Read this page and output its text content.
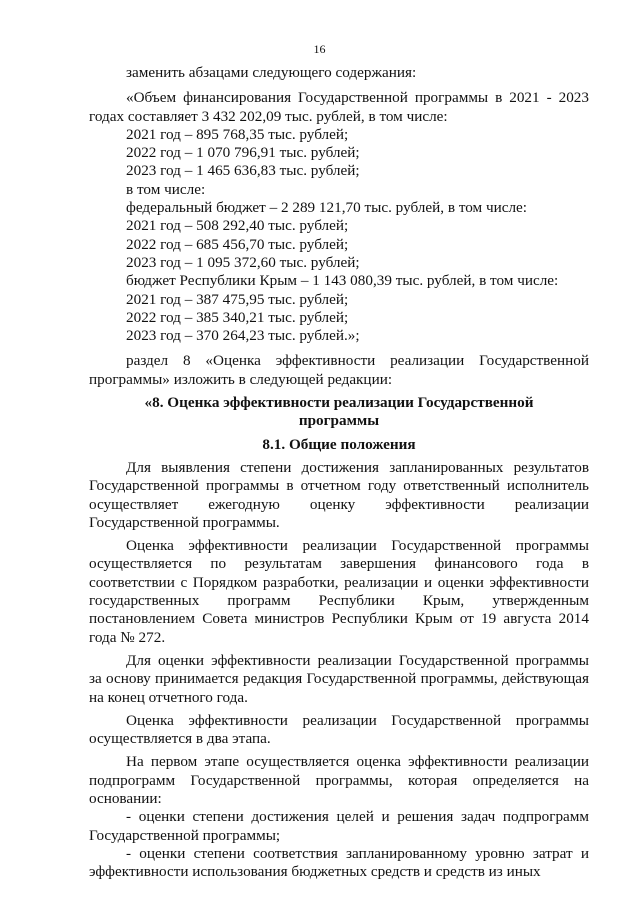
16
заменить абзацами следующего содержания:
«Объем финансирования Государственной программы в 2021 - 2023 годах составляет 3 432 202,09 тыс. рублей, в том числе:
2021 год – 895 768,35 тыс. рублей;
2022 год – 1 070 796,91 тыс. рублей;
2023 год – 1 465 636,83 тыс. рублей;
в том числе:
федеральный бюджет – 2 289 121,70 тыс. рублей, в том числе:
2021 год – 508 292,40 тыс. рублей;
2022 год – 685 456,70 тыс. рублей;
2023 год – 1 095 372,60 тыс. рублей;
бюджет Республики Крым – 1 143 080,39 тыс. рублей, в том числе:
2021 год – 387 475,95 тыс. рублей;
2022 год – 385 340,21 тыс. рублей;
2023 год – 370 264,23 тыс. рублей.»;
раздел 8 «Оценка эффективности реализации Государственной программы» изложить в следующей редакции:
«8. Оценка эффективности реализации Государственной программы
8.1. Общие положения
Для выявления степени достижения запланированных результатов Государственной программы в отчетном году ответственный исполнитель осуществляет ежегодную оценку эффективности реализации Государственной программы.
Оценка эффективности реализации Государственной программы осуществляется по результатам завершения финансового года в соответствии с Порядком разработки, реализации и оценки эффективности государственных программ Республики Крым, утвержденным постановлением Совета министров Республики Крым от 19 августа 2014 года № 272.
Для оценки эффективности реализации Государственной программы за основу принимается редакция Государственной программы, действующая на конец отчетного года.
Оценка эффективности реализации Государственной программы осуществляется в два этапа.
На первом этапе осуществляется оценка эффективности реализации подпрограмм Государственной программы, которая определяется на основании:
- оценки степени достижения целей и решения задач подпрограмм Государственной программы;
- оценки степени соответствия запланированному уровню затрат и эффективности использования бюджетных средств и средств из иных
